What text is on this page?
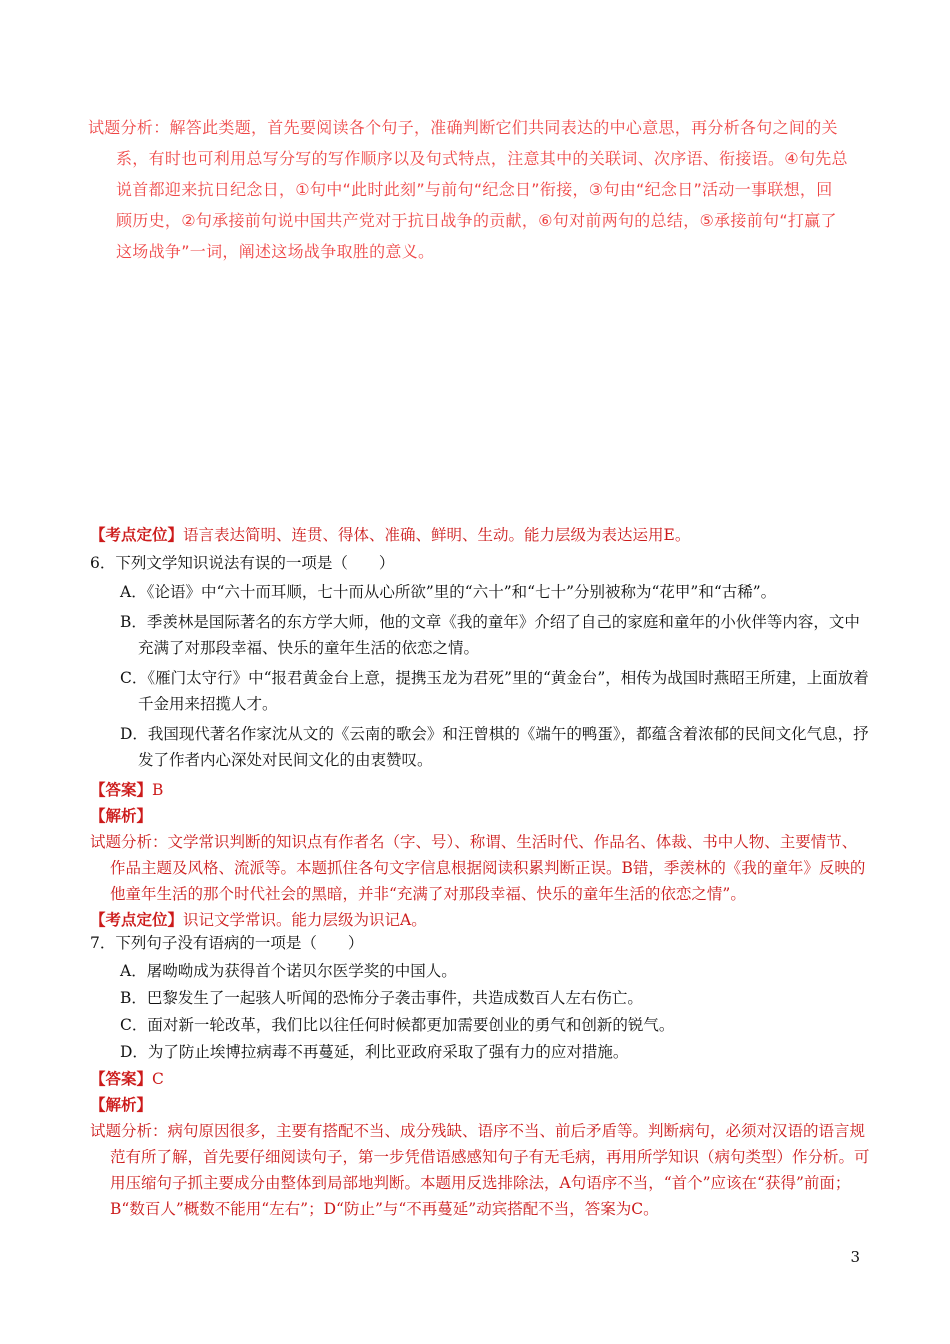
试题分析：解答此类题，首先要阅读各个句子，准确判断它们共同表达的中心意思，再分析各句之间的关系，有时也可利用总写分写的写作顺序以及句式特点，注意其中的关联词、次序语、衔接语。④句先总说首都迎来抗日纪念日，①句中“此时此刻”与前句“纪念日”衔接，③句由“纪念日”活动一事联想，回顾历史，②句承接前句说中国共产党对于抗日战争的贡献，⑥句对前两句的总结，⑤承接前句“打赢了这场战争”一词，阐述这场战争取胜的意义。

【考点定位】语言表达简明、连贯、得体、准确、鲜明、生动。能力层级为表达运用E。

6．下列文学知识说法有误的一项是（　　）

A．《论语》中“六十而耳顺，七十而从心所欲”里的“六十”和“七十”分别被称为“花甲”和“古稀”。

B．季羡林是国际著名的东方学大师，他的文章《我的童年》介绍了自己的家庭和童年的小伙伴等内容，文中充满了对那段幸福、快乐的童年生活的依恋之情。

C．《雁门太守行》中“报君黄金台上意，提携玉龙为君死”里的“黄金台”，相传为战国时燕昭王所建，上面放着千金用来招揽人才。

D．我国现代著名作家沈从文的《云南的歌会》和汪曾棋的《端午的鸭蛋》，都蕴含着浓郁的民间文化气息，抒发了作者内心深处对民间文化的由衷赞叹。

【答案】B

【解析】

试题分析：文学常识判断的知识点有作者名（字、号）、称谓、生活时代、作品名、体裁、书中人物、主要情节、作品主题及风格、流派等。本题抓住各句文字信息根据阅读积累判断正误。B错，季羡林的《我的童年》反映的他童年生活的那个时代社会的黑暗，并非“充满了对那段幸福、快乐的童年生活的依恋之情”。

【考点定位】识记文学常识。能力层级为识记A。

7．下列句子没有语病的一项是（　　）

A．屠呦呦成为获得首个诺贝尔医学奖的中国人。

B．巴黎发生了一起骇人听闻的恐怖分子袭击事件，共造成数百人左右伤亡。

C．面对新一轮改革，我们比以往任何时候都更加需要创业的勇气和创新的锐气。

D．为了防止埃博拉病毒不再蔓延，利比亚政府采取了强有力的应对措施。

【答案】C

【解析】

试题分析：病句原因很多，主要有搭配不当、成分残缺、语序不当、前后矛盾等。判断病句，必须对汉语的语言规范有所了解，首先要仔细阅读句子，第一步凭借语感感知句子有无毛病，再用所学知识（病句类型）作分析。可用压缩句子抓主要成分由整体到局部地判断。本题用反选排除法，A句语序不当，“首个”应该在“获得”前面；B“数百人”概数不能用“左右”；D“防止”与“不再蔓延”动宾搭配不当，答案为C。

3
